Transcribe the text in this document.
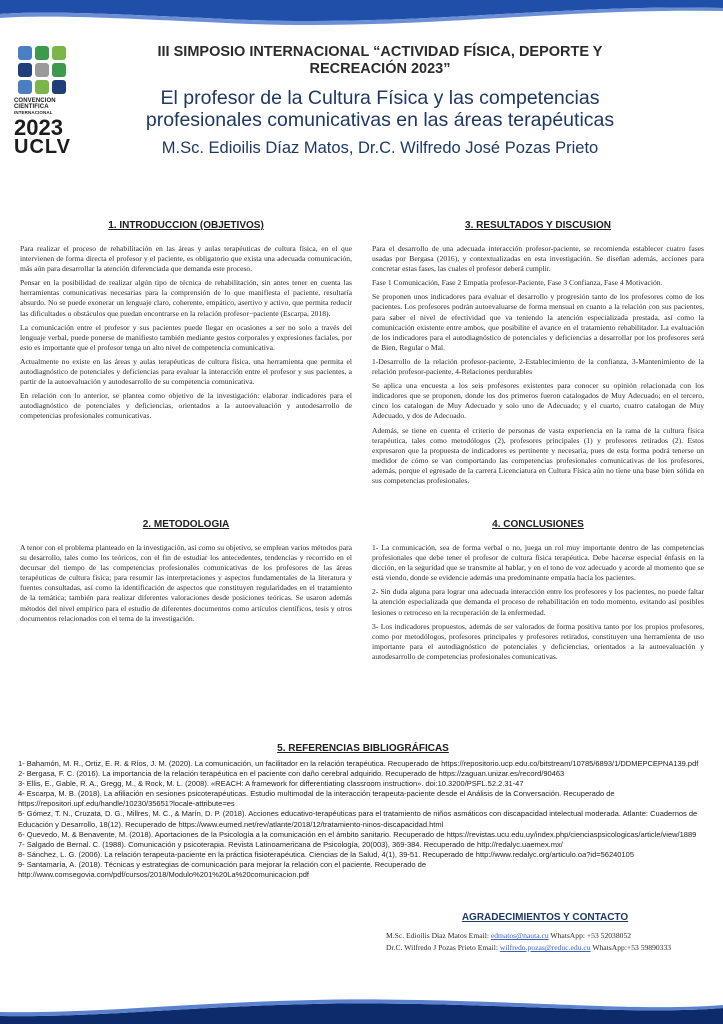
CONVENCION
CIENTIFICA
INTERNACIONAL
2023
UCLV
III SIMPOSIO INTERNACIONAL “ACTIVIDAD FÍSICA, DEPORTE Y RECREACIÓN 2023”
El profesor de la Cultura Física y las competencias profesionales comunicativas en las áreas terapéuticas
M.Sc. Edioilis Díaz Matos, Dr.C. Wilfredo José Pozas Prieto
1. INTRODUCCION (OBJETIVOS)

Para realizar el proceso de rehabilitación en las áreas y aulas terapéuticas de cultura física, en el que intervienen de forma directa el profesor y el paciente, es obligatorio que exista una adecuada comunicación, más aún para desarrollar la atención diferenciada que demanda este proceso.

Pensar en la posibilidad de realizar algún tipo de técnica de rehabilitación, sin antes tener en cuenta las herramientas comunicativas necesarias para la comprensión de lo que manifiesta el paciente, resultaría absurdo. No se puede exonerar un lenguaje claro, coherente, empático, asertivo y activo, que permita reducir las dificultades o obstáculos que puedan encontrarse en la relación profesor−paciente (Escarpa, 2018).

La comunicación entre el profesor y sus pacientes puede llegar en ocasiones a ser no solo a través del lenguaje verbal, puede ponerse de manifiesto también mediante gestos corporales y expresiones faciales, por esto es importante que el profesor tenga un alto nivel de competencia comunicativa.

Actualmente no existe en las áreas y aulas terapéuticas de cultura física, una herramienta que permita el autodiagnóstico de potenciales y deficiencias para evaluar la interacción entre el profesor y sus pacientes, a partir de la autoevaluación y autodesarrollo de su competencia comunicativa.

En relación con lo anterior, se plantea como objetivo de la investigación: elaborar indicadores para el autodiagnóstico de potenciales y deficiencias, orientados a la autoevaluación y autodesarrollo de competencias profesionales comunicativas.

3. RESULTADOS Y DISCUSION

Para el desarrollo de una adecuada interacción profesor-paciente, se recomienda establecer cuatro fases usadas por Bergasa (2016), y contextualizadas en esta investigación. Se diseñan además, acciones para concretar estas fases, las cuales el profesor deberá cumplir.

Fase 1 Comunicación, Fase 2 Empatía profesor-Paciente, Fase 3 Confianza, Fase 4 Motivación.

Se proponen unos indicadores para evaluar el desarrollo y progresión tanto de los profesores como de los pacientes. Los profesores podrán autoevaluarse de forma mensual en cuanto a la relación con sus pacientes, para saber el nivel de efectividad que va teniendo la atención especializada prestada, así como la comunicación existente entre ambos, que posibilite el avance en el tratamiento rehabilitador. La evaluación de los indicadores para el autodiagnóstico de potenciales y deficiencias a desarrollar por los profesores será de Bien, Regular o Mal.

1-Desarrollo de la relación profesor-paciente, 2-Establecimiento de la confianza, 3-Mantenimiento de la relación profesor-paciente, 4-Relaciones perdurables

Se aplica una encuesta a los seis profesores existentes para conocer su opinión relacionada con los indicadores que se proponen, donde los dos primeros fueron catalogados de Muy Adecuado; en el tercero, cinco los catalogan de Muy Adecuado y solo uno de Adecuado; y el cuarto, cuatro catalogan de Muy Adecuado, y dos de Adecuado.

Además, se tiene en cuenta el criterio de personas de vasta experiencia en la rama de la cultura física terapéutica, tales como metodólogos (2), profesores principales (1) y profesores retirados (2). Estos expresaron que la propuesta de indicadores es pertinente y necesaria, pues de esta forma podrá tenerse un medidor de cómo se van comportando las competencias profesionales comunicativas de los profesores, además, porque el egresado de la carrera Licenciatura en Cultura Física aún no tiene una base bien sólida en sus competencias profesionales.

2. METODOLOGIA

A tenor con el problema planteado en la investigación, así como su objetivo, se emplean varios métodos para su desarrollo, tales como los teóricos, con el fin de estudiar los antecedentes, tendencias y recorrido en el decursar del tiempo de las competencias profesionales comunicativas de los profesores de las áreas terapéuticas de cultura física; para resumir las interpretaciones y aspectos fundamentales de la literatura y fuentes consultadas, así como la identificación de aspectos que constituyen regularidades en el tratamiento de la temática; también para realizar diferentes valoraciones desde posiciones teóricas. Se usaron además métodos del nivel empírico para el estudio de diferentes documentos como artículos científicos, tesis y otros documentos relacionados con el tema de la investigación.

4. CONCLUSIONES

1- La comunicación, sea de forma verbal o no, juega un rol muy importante dentro de las competencias profesionales que debe tener el profesor de cultura física terapéutica. Debe hacerse especial énfasis en la dicción, en la seguridad que se transmite al hablar, y en el tono de voz adecuado y acorde al momento que se está viendo, donde se evidencie además una predominante empatía hacia los pacientes.

2- Sin duda alguna para lograr una adecuada interacción entre los profesores y los pacientes, no puede faltar la atención especializada que demanda el proceso de rehabilitación en todo momento, evitando así posibles lesiones o retroceso en la recuperación de la enfermedad.

3- Los indicadores propuestos, además de ser valorados de forma positiva tanto por los propios profesores, como por metodólogos, profesores principales y profesores retirados, constituyen una herramienta de uso importante para el autodiagnóstico de potenciales y deficiencias, orientados a la autoevaluación y autodesarrollo de competencias profesionales comunicativas.

5. REFERENCIAS BIBLIOGRÁFICAS

1- Bahamón, M. R., Ortiz, E. R. & Ríos, J. M. (2020). La comunicación, un facilitador en la relación terapéutica. Recuperado de https://repositorio.ucp.edu.co/bitstream/10785/6893/1/DDMEPCEPNA139.pdf

2- Bergasa, F. C. (2016). La importancia de la relación terapéutica en el paciente con daño cerebral adquirido. Recuperado de https://zaguan.unizar.es/record/90463

3- Ellis, E., Gable, R. A., Gregg, M., & Rock, M. L. (2008). «REACH: A framework for differentiating classroom instruction». doi:10.3200/PSFL.52.2.31-47

4- Escarpa, M. B. (2018). La afiliación en sesiones psicoterapéuticas. Estudio multimodal de la interacción terapeuta-paciente desde el Análisis de la Conversación. Recuperado de https://repositori.upf.edu/handle/10230/35651?locale-attribute=es

5- Gómez, T. N., Cruzata, D. G., Millres, M. C., & Marín, D. P. (2018). Acciones educativo-terapéuticas para el tratamiento de niños asmáticos con discapacidad intelectual moderada. Atlante: Cuadernos de Educación y Desarrollo, 18(12). Recuperado de https://www.eumed.net/rev/atlante/2018/12/tratamiento-ninos-discapacidad.html

6- Quevedo, M. & Benavente, M. (2018). Aportaciones de la Psicología a la comunicación en el ámbito sanitario. Recuperado de https://revistas.ucu.edu.uy/index.php/cienciaspsicologicas/article/view/1889

7- Salgado de Bernal. C. (1988). Comunicación y psicoterapia. Revista Latinoamericana de Psicología, 20(003), 369-384. Recuperado de http://redalyc.uaemex.mx/

8- Sánchez, L. G. (2006). La relación terapeuta-paciente en la práctica fisioterapéutica. Ciencias de la Salud, 4(1), 39-51. Recuperado de http://www.redalyc.org/articulo.oa?id=56240105

9- Santamaría, A. (2018). Técnicas y estrategias de comunicación para mejorar la relación con el paciente. Recuperado de http://www.comsegovia.com/pdf/cursos/2018/Modulo%201%20La%20comunicacion.pdf

AGRADECIMIENTOS Y CONTACTO
M.Sc. Edioilis Díaz Matos Email: edmatos@nauta.cu WhatsApp: +53 52038052
Dr.C. Wilfredo J Pozas Prieto Email: wilfredo.pozas@reduc.edu.cu WhatsApp:+53 59890333
